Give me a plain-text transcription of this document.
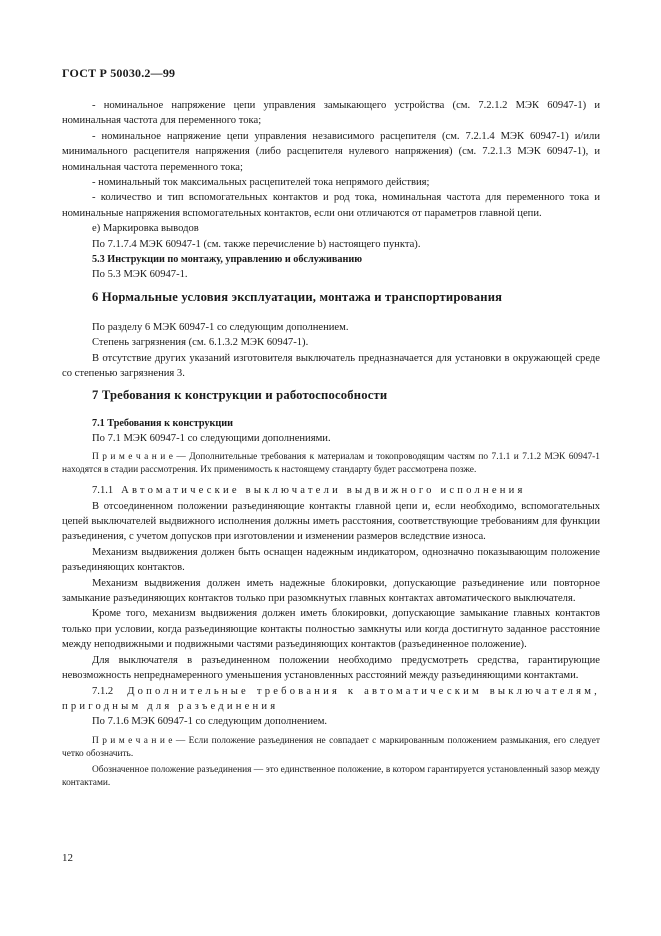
ГОСТ Р 50030.2—99

- номинальное напряжение цепи управления замыкающего устройства (см. 7.2.1.2 МЭК 60947-1) и номинальная частота для переменного тока;

- номинальное напряжение цепи управления независимого расцепителя (см. 7.2.1.4 МЭК 60947-1) и/или минимального расцепителя напряжения (либо расцепителя нулевого напряжения) (см. 7.2.1.3 МЭК 60947-1), и номинальная частота переменного тока;

- номинальный ток максимальных расцепителей тока непрямого действия;

- количество и тип вспомогательных контактов и род тока, номинальная частота для переменного тока и номинальные напряжения вспомогательных контактов, если они отличаются от параметров главной цепи.

e) Маркировка выводов

По 7.1.7.4 МЭК 60947-1 (см. также перечисление b) настоящего пункта).

5.3 Инструкции по монтажу, управлению и обслуживанию

По 5.3 МЭК 60947-1.

6 Нормальные условия эксплуатации, монтажа и транспортирования

По разделу 6 МЭК 60947-1 со следующим дополнением.

Степень загрязнения (см. 6.1.3.2 МЭК 60947-1).

В отсутствие других указаний изготовителя выключатель предназначается для установки в окружающей среде со степенью загрязнения 3.

7 Требования к конструкции и работоспособности

7.1 Требования к конструкции

По 7.1 МЭК 60947-1 со следующими дополнениями.

П р и м е ч а н и е — Дополнительные требования к материалам и токопроводящим частям по 7.1.1 и 7.1.2 МЭК 60947-1 находятся в стадии рассмотрения. Их применимость к настоящему стандарту будет рассмотрена позже.

7.1.1 Автоматические выключатели выдвижного исполнения

В отсоединенном положении разъединяющие контакты главной цепи и, если необходимо, вспомогательных цепей выключателей выдвижного исполнения должны иметь расстояния, соответствующие требованиям для функции разъединения, с учетом допусков при изготовлении и изменении размеров вследствие износа.

Механизм выдвижения должен быть оснащен надежным индикатором, однозначно показывающим положение разъединяющих контактов.

Механизм выдвижения должен иметь надежные блокировки, допускающие разъединение или повторное замыкание разъединяющих контактов только при разомкнутых главных контактах автоматического выключателя.

Кроме того, механизм выдвижения должен иметь блокировки, допускающие замыкание главных контактов только при условии, когда разъединяющие контакты полностью замкнуты или когда достигнуто заданное расстояние между неподвижными и подвижными частями разъединяющих контактов (разъединенное положение).

Для выключателя в разъединенном положении необходимо предусмотреть средства, гарантирующие невозможность непреднамеренного уменьшения установленных расстояний между разъединяющими контактами.

7.1.2 Дополнительные требования к автоматическим выключателям, пригодным для разъединения

По 7.1.6 МЭК 60947-1 со следующим дополнением.

П р и м е ч а н и е — Если положение разъединения не совпадает с маркированным положением размыкания, его следует четко обозначить.

Обозначенное положение разъединения — это единственное положение, в котором гарантируется установленный зазор между контактами.

12
